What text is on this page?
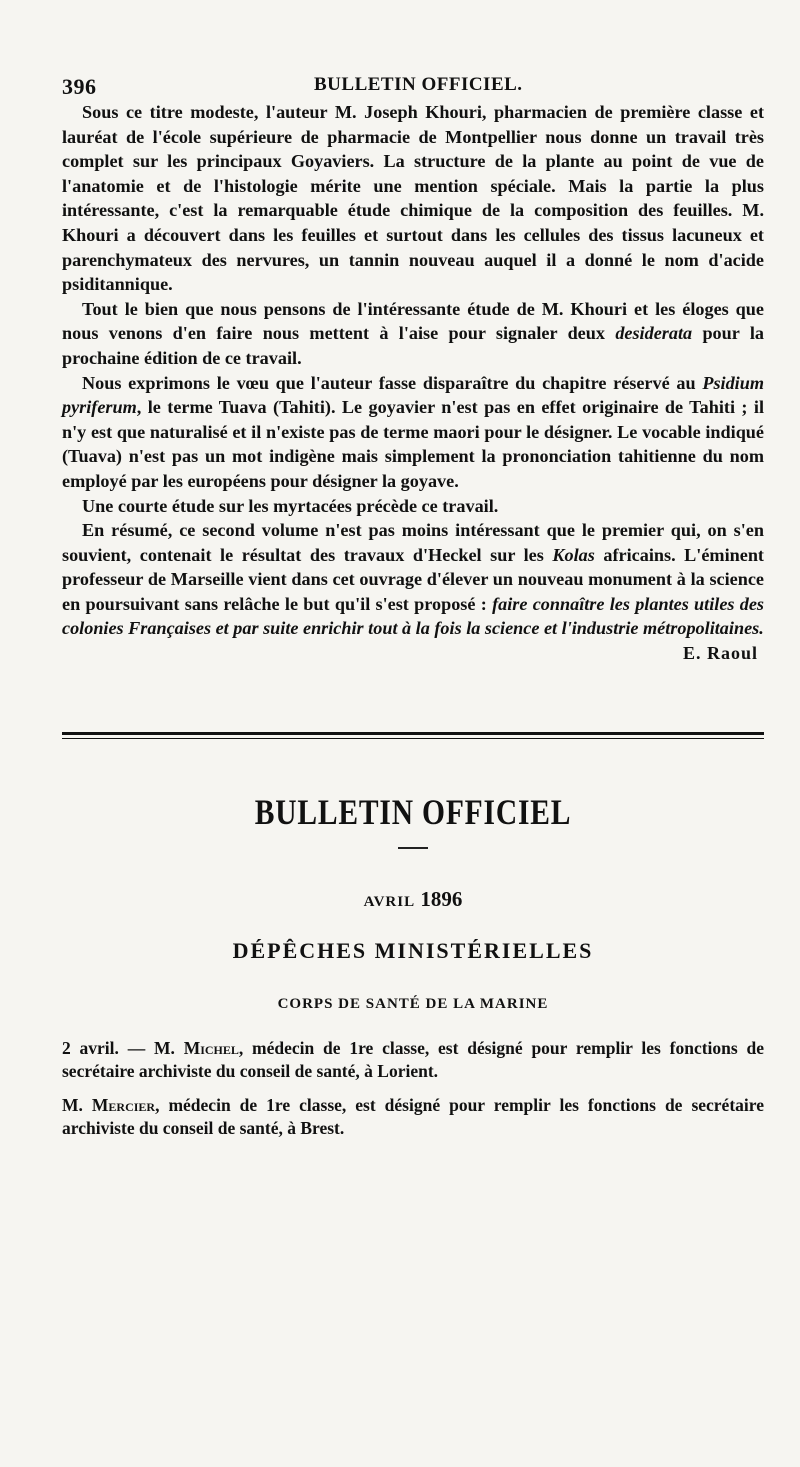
396	BULLETIN OFFICIEL.

Sous ce titre modeste, l'auteur M. Joseph Khouri, pharmacien de première classe et lauréat de l'école supérieure de pharmacie de Montpellier nous donne un travail très complet sur les principaux Goyaviers. La structure de la plante au point de vue de l'anatomie et de l'histologie mérite une mention spéciale. Mais la partie la plus intéressante, c'est la remarquable étude chimique de la composition des feuilles. M. Khouri a découvert dans les feuilles et surtout dans les cellules des tissus lacuneux et parenchymateux des nervures, un tannin nouveau auquel il a donné le nom d'acide psiditannique.

Tout le bien que nous pensons de l'intéressante étude de M. Khouri et les éloges que nous venons d'en faire nous mettent à l'aise pour signaler deux desiderata pour la prochaine édition de ce travail.

Nous exprimons le vœu que l'auteur fasse disparaître du chapitre réservé au Psidium pyriferum, le terme Tuava (Tahiti). Le goyavier n'est pas en effet originaire de Tahiti ; il n'y est que naturalisé et il n'existe pas de terme maori pour le désigner. Le vocable indiqué (Tuava) n'est pas un mot indigène mais simplement la prononciation tahitienne du nom employé par les européens pour désigner la goyave.

Une courte étude sur les myrtacées précède ce travail.

En résumé, ce second volume n'est pas moins intéressant que le premier qui, on s'en souvient, contenait le résultat des travaux d'Heckel sur les Kolas africains. L'éminent professeur de Marseille vient dans cet ouvrage d'élever un nouveau monument à la science en poursuivant sans relâche le but qu'il s'est proposé : faire connaître les plantes utiles des colonies Françaises et par suite enrichir tout à la fois la science et l'industrie métropolitaines.

E. Raoul
BULLETIN OFFICIEL
AVRIL 1896
DÉPÊCHES MINISTÉRIELLES
CORPS DE SANTÉ DE LA MARINE
2 avril. — M. Michel, médecin de 1re classe, est désigné pour remplir les fonctions de secrétaire archiviste du conseil de santé, à Lorient.
M. Mercier, médecin de 1re classe, est désigné pour remplir les fonctions de secrétaire archiviste du conseil de santé, à Brest.
